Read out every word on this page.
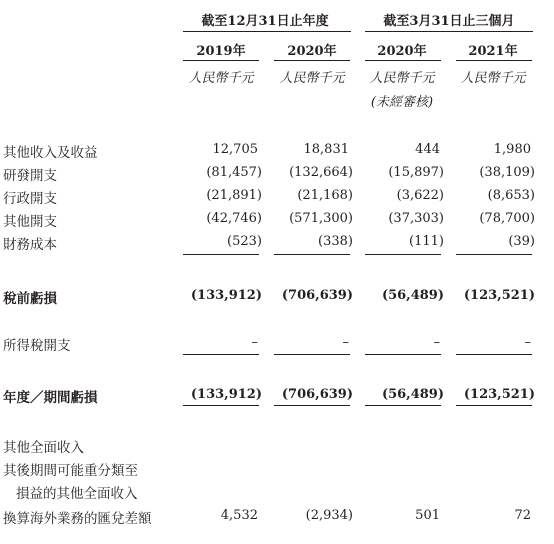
截至12月31日止年度	截至3月31日止三個月
2019年	2020年	2020年	2021年
人民幣千元	人民幣千元	人民幣千元	人民幣千元
(未經審核)
其他收入及收益	12,705	18,831	444	1,980
研發開支	(81,457)	(132,664)	(15,897)	(38,109)
行政開支	(21,891)	(21,168)	(3,622)	(8,653)
其他開支	(42,746)	(571,300)	(37,303)	(78,700)
財務成本	(523)	(338)	(111)	(39)
稅前虧損	(133,912)	(706,639)	(56,489)	(123,521)
所得稅開支	–	–	–	–
年度／期間虧損	(133,912)	(706,639)	(56,489)	(123,521)
其他全面收入
其後期間可能重分類至
損益的其他全面收入
換算海外業務的匯兌差額	4,532	(2,934)	501	72
